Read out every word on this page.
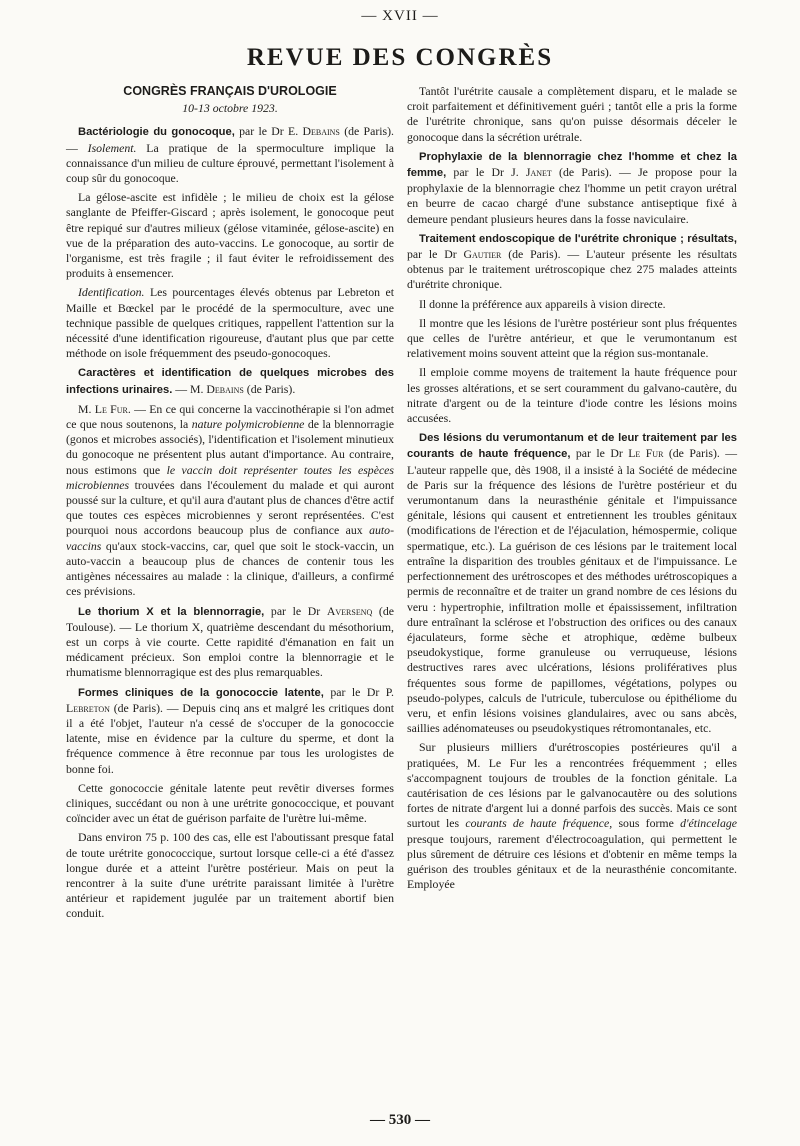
— XVII —
REVUE DES CONGRÈS
CONGRÈS FRANÇAIS D'UROLOGIE
10-13 octobre 1923.

Bactériologie du gonocoque, par le Dr E. Debains (de Paris). — Isolement. La pratique de la spermoculture implique la connaissance d'un milieu de culture éprouvé, permettant l'isolement à coup sûr du gonocoque.

La gélose-ascite est infidèle ; le milieu de choix est la gélose sanglante de Pfeiffer-Giscard ; après isolement, le gonocoque peut être repiqué sur d'autres milieux (gélose vitaminée, gélose-ascite) en vue de la préparation des auto-vaccins. Le gonocoque, au sortir de l'organisme, est très fragile ; il faut éviter le refroidissement des produits à ensemencer.

Identification. Les pourcentages élevés obtenus par Lebreton et Maille et Bœckel par le procédé de la spermoculture, avec une technique passible de quelques critiques, rappellent l'attention sur la nécessité d'une identification rigoureuse, d'autant plus que par cette méthode on isole fréquemment des pseudo-gonocoques.

Caractères et identification de quelques microbes des infections urinaires. — M. Debains (de Paris).

M. Le Fur. — En ce qui concerne la vaccinothérapie si l'on admet ce que nous soutenons, la nature polymicrobienne de la blennorragie (gonos et microbes associés), l'identification et l'isolement minutieux du gonocoque ne présentent plus autant d'importance. Au contraire, nous estimons que le vaccin doit représenter toutes les espèces microbiennes trouvées dans l'écoulement du malade et qui auront poussé sur la culture, et qu'il aura d'autant plus de chances d'être actif que toutes ces espèces microbiennes y seront représentées. C'est pourquoi nous accordons beaucoup plus de confiance aux auto-vaccins qu'aux stock-vaccins, car, quel que soit le stock-vaccin, un auto-vaccin a beaucoup plus de chances de contenir tous les antigènes nécessaires au malade : la clinique, d'ailleurs, a confirmé ces prévisions.

Le thorium X et la blennorragie, par le Dr Aversenq (de Toulouse). — Le thorium X, quatrième descendant du mésothorium, est un corps à vie courte. Cette rapidité d'émanation en fait un médicament précieux. Son emploi contre la blennorragie et le rhumatisme blennorragique est des plus remarquables.

Formes cliniques de la gonococcie latente, par le Dr P. Lebreton (de Paris). — Depuis cinq ans et malgré les critiques dont il a été l'objet, l'auteur n'a cessé de s'occuper de la gonococcie latente, mise en évidence par la culture du sperme, et dont la fréquence commence à être reconnue par tous les urologistes de bonne foi.

Cette gonococcie génitale latente peut revêtir diverses formes cliniques, succédant ou non à une urétrite gonococcique, et pouvant coïncider avec un état de guérison parfaite de l'urètre lui-même.

Dans environ 75 p. 100 des cas, elle est l'aboutissant presque fatal de toute urétrite gonococcique, surtout lorsque celle-ci a été d'assez longue durée et a atteint l'urètre postérieur. Mais on peut la rencontrer à la suite d'une urétrite paraissant limitée à l'urètre antérieur et rapidement jugulée par un traitement abortif bien conduit.

Tantôt l'urétrite causale a complètement disparu, et le malade se croit parfaitement et définitivement guéri ; tantôt elle a pris la forme de l'urétrite chronique, sans qu'on puisse désormais déceler le gonocoque dans la sécrétion urétrale.

Prophylaxie de la blennorragie chez l'homme et chez la femme, par le Dr J. Janet (de Paris). — Je propose pour la prophylaxie de la blennorragie chez l'homme un petit crayon urétral en beurre de cacao chargé d'une substance antiseptique fixé à demeure pendant plusieurs heures dans la fosse naviculaire.

Traitement endoscopique de l'urétrite chronique ; résultats, par le Dr Gautier (de Paris). — L'auteur présente les résultats obtenus par le traitement urétroscopique chez 275 malades atteints d'urétrite chronique.

Il donne la préférence aux appareils à vision directe.

Il montre que les lésions de l'urètre postérieur sont plus fréquentes que celles de l'urètre antérieur, et que le verumontanum est relativement moins souvent atteint que la région sus-montanale.

Il emploie comme moyens de traitement la haute fréquence pour les grosses altérations, et se sert couramment du galvano-cautère, du nitrate d'argent ou de la teinture d'iode contre les lésions moins accusées.

Des lésions du verumontanum et de leur traitement par les courants de haute fréquence, par le Dr Le Fur (de Paris). — L'auteur rappelle que, dès 1908, il a insisté à la Société de médecine de Paris sur la fréquence des lésions de l'urètre postérieur et du verumontanum dans la neurasthénie génitale et l'impuissance génitale, lésions qui causent et entretiennent les troubles génitaux (modifications de l'érection et de l'éjaculation, hémospermie, colique spermatique, etc.). La guérison de ces lésions par le traitement local entraîne la disparition des troubles génitaux et de l'impuissance. Le perfectionnement des urétroscopes et des méthodes urétroscopiques a permis de reconnaître et de traiter un grand nombre de ces lésions du veru : hypertrophie, infiltration molle et épaississement, infiltration dure entraînant la sclérose et l'obstruction des orifices ou des canaux éjaculateurs, forme sèche et atrophique, œdème bulbeux pseudokystique, forme granuleuse ou verruqueuse, lésions destructives rares avec ulcérations, lésions prolifératives plus fréquentes sous forme de papillomes, végétations, polypes ou pseudo-polypes, calculs de l'utricule, tuberculose ou épithéliome du veru, et enfin lésions voisines glandulaires, avec ou sans abcès, saillies adénomateuses ou pseudokystiques rétromontanales, etc.

Sur plusieurs milliers d'urétroscopies postérieures qu'il a pratiquées, M. Le Fur les a rencontrées fréquemment ; elles s'accompagnent toujours de troubles de la fonction génitale. La cautérisation de ces lésions par le galvanocautère ou des solutions fortes de nitrate d'argent lui a donné parfois des succès. Mais ce sont surtout les courants de haute fréquence, sous forme d'étincelage presque toujours, rarement d'électrocoagulation, qui permettent le plus sûrement de détruire ces lésions et d'obtenir en même temps la guérison des troubles génitaux et de la neurasthénie concomitante. Employée

— 530 —
